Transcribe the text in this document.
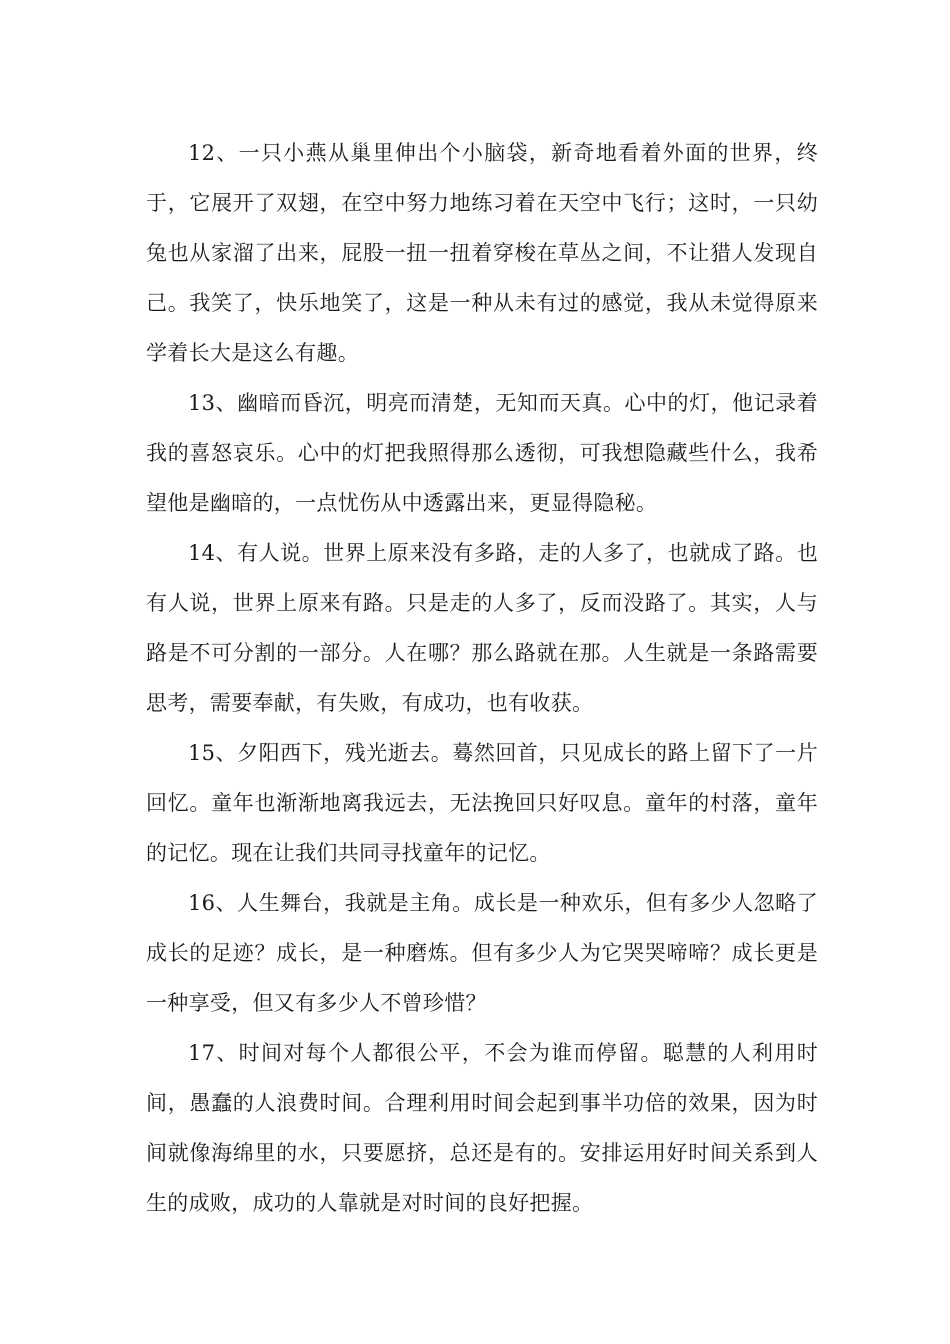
12、一只小燕从巢里伸出个小脑袋，新奇地看着外面的世界，终于，它展开了双翅，在空中努力地练习着在天空中飞行；这时，一只幼兔也从家溜了出来，屁股一扭一扭着穿梭在草丛之间，不让猎人发现自己。我笑了，快乐地笑了，这是一种从未有过的感觉，我从未觉得原来学着长大是这么有趣。

13、幽暗而昏沉，明亮而清楚，无知而天真。心中的灯，他记录着我的喜怒哀乐。心中的灯把我照得那么透彻，可我想隐藏些什么，我希望他是幽暗的，一点忧伤从中透露出来，更显得隐秘。

14、有人说。世界上原来没有多路，走的人多了，也就成了路。也有人说，世界上原来有路。只是走的人多了，反而没路了。其实，人与路是不可分割的一部分。人在哪？那么路就在那。人生就是一条路需要思考，需要奉献，有失败，有成功，也有收获。

15、夕阳西下，残光逝去。蓦然回首，只见成长的路上留下了一片回忆。童年也渐渐地离我远去，无法挽回只好叹息。童年的村落，童年的记忆。现在让我们共同寻找童年的记忆。

16、人生舞台，我就是主角。成长是一种欢乐，但有多少人忽略了成长的足迹？成长，是一种磨炼。但有多少人为它哭哭啼啼？成长更是一种享受，但又有多少人不曾珍惜？

17、时间对每个人都很公平，不会为谁而停留。聪慧的人利用时间，愚蠢的人浪费时间。合理利用时间会起到事半功倍的效果，因为时间就像海绵里的水，只要愿挤，总还是有的。安排运用好时间关系到人生的成败，成功的人靠就是对时间的良好把握。
